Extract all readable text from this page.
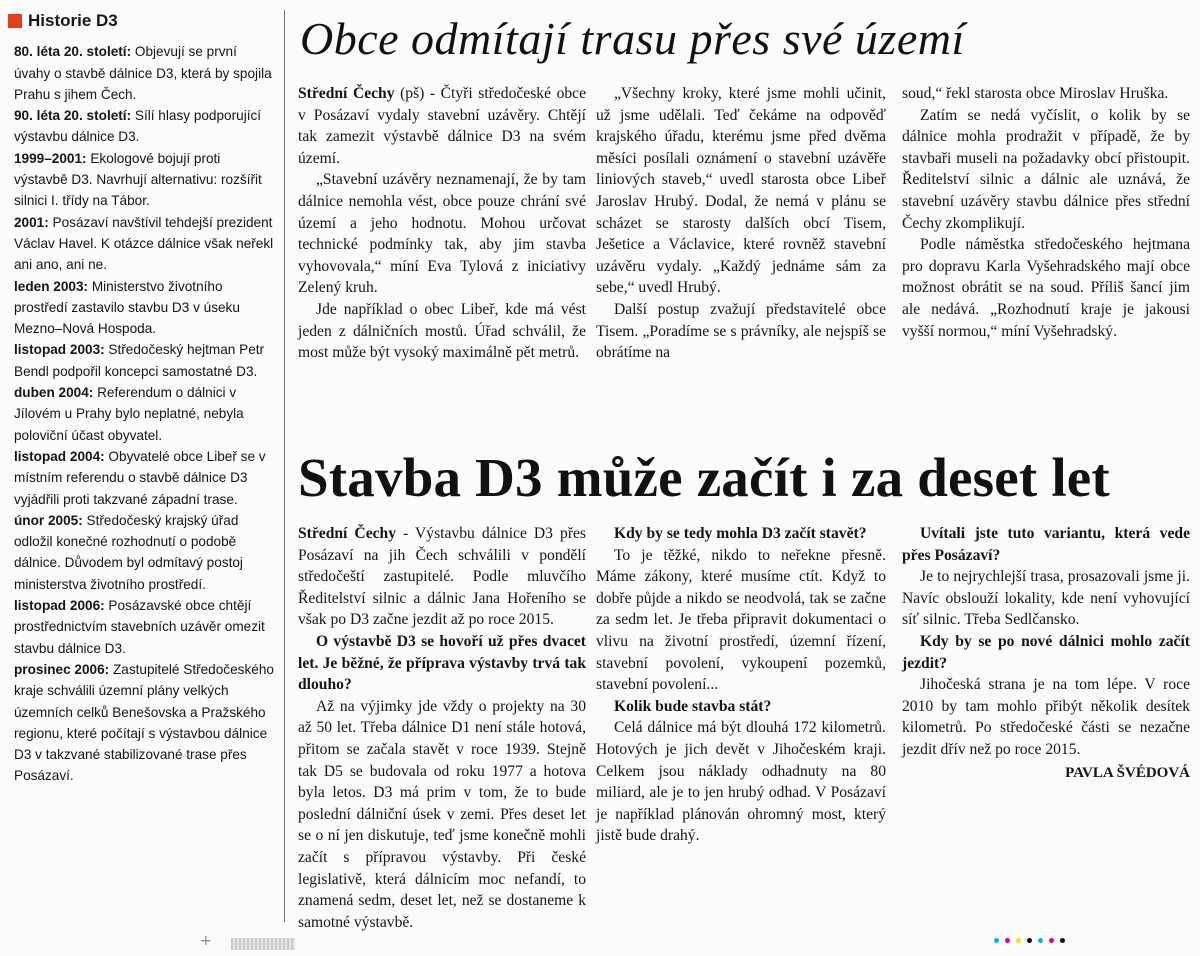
Historie D3
80. léta 20. století: Objevují se první úvahy o stavbě dálnice D3, která by spojila Prahu s jihem Čech.
90. léta 20. století: Sílí hlasy podporující výstavbu dálnice D3.
1999–2001: Ekologové bojují proti výstavbě D3. Navrhují alternativu: rozšířit silnici I. třídy na Tábor.
2001: Posázaví navštívil tehdejší prezident Václav Havel. K otázce dálnice však neřekl ani ano, ani ne.
leden 2003: Ministerstvo životního prostředí zastavilo stavbu D3 v úseku Mezno–Nová Hospoda.
listopad 2003: Středočeský hejtman Petr Bendl podpořil koncepci samostatné D3.
duben 2004: Referendum o dálnici v Jílovém u Prahy bylo neplatné, nebyla poloviční účast obyvatel.
listopad 2004: Obyvatelé obce Libeř se v místním referendu o stavbě dálnice D3 vyjádřili proti takzvané západní trase.
únor 2005: Středočeský krajský úřad odložil konečné rozhodnutí o podobě dálnice. Důvodem byl odmítavý postoj ministerstva životního prostředí.
listopad 2006: Posázavské obce chtějí prostřednictvím stavebních uzávěr omezit stavbu dálnice D3.
prosinec 2006: Zastupitelé Středočeského kraje schválili územní plány velkých územních celků Benešovska a Pražského regionu, které počítají s výstavbou dálnice D3 v takzvané stabilizované trase přes Posázaví.
Obce odmítají trasu přes své území

Střední Čechy (pš) - Čtyři středočeské obce v Posázaví vydaly stavební uzávěry. Chtějí tak zamezit výstavbě dálnice D3 na svém území.

„Stavební uzávěry neznamenají, že by tam dálnice nemohla vést, obce pouze chrání své území a jeho hodnotu. Mohou určovat technické podmínky tak, aby jim stavba vyhovovala,“ míní Eva Tylová z iniciativy Zelený kruh.

Jde například o obec Libeř, kde má vést jeden z dálničních mostů. Úřad schválil, že most může být vysoký maximálně pět metrů.

„Všechny kroky, které jsme mohli učinit, už jsme udělali. Teď čekáme na odpověď krajského úřadu, kterému jsme před dvěma měsíci posílali oznámení o stavební uzávěře liniových staveb,“ uvedl starosta obce Libeř Jaroslav Hrubý. Dodal, že nemá v plánu se scházet se starosty dalších obcí Tisem, Ješetice a Václavice, které rovněž stavební uzávěru vydaly. „Každý jednáme sám za sebe,“ uvedl Hrubý.

Další postup zvažují představitelé obce Tisem. „Poradíme se s právníky, ale nejspíš se obrátíme na

soud,“ řekl starosta obce Miroslav Hruška.

Zatím se nedá vyčíslit, o kolik by se dálnice mohla prodražit v případě, že by stavbaři museli na požadavky obcí přistoupit. Ředitelství silnic a dálnic ale uznává, že stavební uzávěry stavbu dálnice přes střední Čechy zkomplikují.

Podle náměstka středočeského hejtmana pro dopravu Karla Vyšehradského mají obce možnost obrátit se na soud. Příliš šancí jim ale nedává. „Rozhodnutí kraje je jakousi vyšší normou,“ míní Vyšehradský.

Stavba D3 může začít i za deset let

Střední Čechy - Výstavbu dálnice D3 přes Posázaví na jih Čech schválili v pondělí středočeští zastupitelé. Podle mluvčího Ředitelství silnic a dálnic Jana Hořeního se však po D3 začne jezdit až po roce 2015.

O výstavbě D3 se hovoří už přes dvacet let. Je běžné, že příprava výstavby trvá tak dlouho?

Až na výjimky jde vždy o projekty na 30 až 50 let. Třeba dálnice D1 není stále hotová, přitom se začala stavět v roce 1939. Stejně tak D5 se budovala od roku 1977 a hotova byla letos. D3 má prim v tom, že to bude poslední dálniční úsek v zemi. Přes deset let se o ní jen diskutuje, teď jsme konečně mohli začít s přípravou výstavby. Při české legislativě, která dálnicím moc nefandí, to znamená sedm, deset let, než se dostaneme k samotné výstavbě.

Kdy by se tedy mohla D3 začít stavět?

To je těžké, nikdo to neřekne přesně. Máme zákony, které musíme ctít. Když to dobře půjde a nikdo se neodvolá, tak se začne za sedm let. Je třeba připravit dokumentaci o vlivu na životní prostředí, územní řízení, stavební povolení, vykoupení pozemků, stavební povolení...

Kolik bude stavba stát?

Celá dálnice má být dlouhá 172 kilometrů. Hotových je jich devět v Jihočeském kraji. Celkem jsou náklady odhadnuty na 80 miliard, ale je to jen hrubý odhad. V Posázaví je například plánován ohromný most, který jistě bude drahý.

Uvítali jste tuto variantu, která vede přes Posázaví?

Je to nejrychlejší trasa, prosazovali jsme ji. Navíc obslouží lokality, kde není vyhovující síť silnic. Třeba Sedlčansko.

Kdy by se po nové dálnici mohlo začít jezdit?

Jihočeská strana je na tom lépe. V roce 2010 by tam mohlo přibýt několik desítek kilometrů. Po středočeské části se nezačne jezdit dřív než po roce 2015.

PAVLA ŠVÉDOVÁ
+
